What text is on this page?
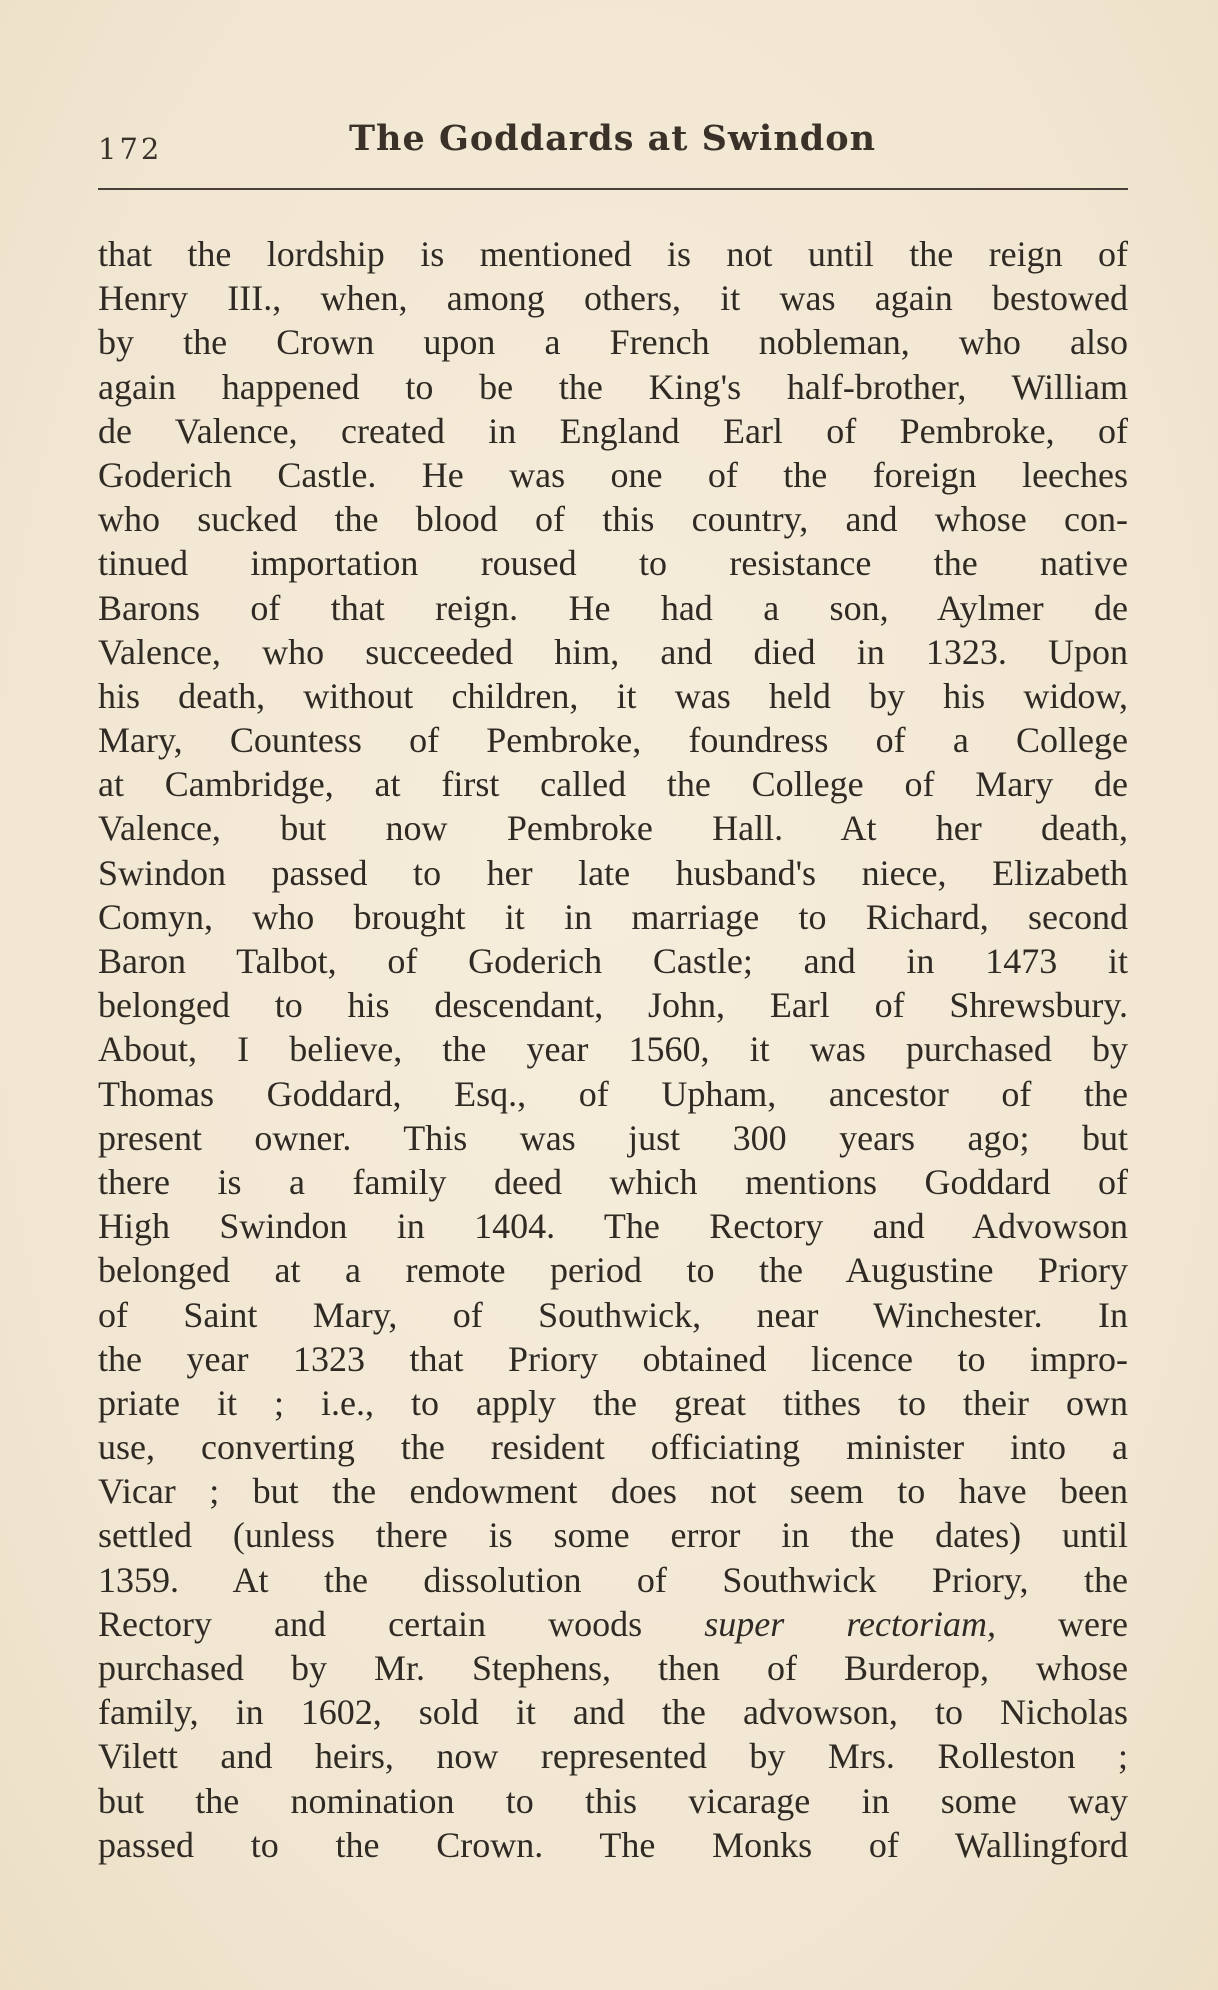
172	The Goddards at Swindon
that the lordship is mentioned is not until the reign of
Henry III., when, among others, it was again bestowed
by the Crown upon a French nobleman, who also
again happened to be the King's half-brother, William
de Valence, created in England Earl of Pembroke, of
Goderich Castle. He was one of the foreign leeches
who sucked the blood of this country, and whose con-
tinued importation roused to resistance the native
Barons of that reign. He had a son, Aylmer de
Valence, who succeeded him, and died in 1323. Upon
his death, without children, it was held by his widow,
Mary, Countess of Pembroke, foundress of a College
at Cambridge, at first called the College of Mary de
Valence, but now Pembroke Hall. At her death,
Swindon passed to her late husband's niece, Elizabeth
Comyn, who brought it in marriage to Richard, second
Baron Talbot, of Goderich Castle; and in 1473 it
belonged to his descendant, John, Earl of Shrewsbury.
About, I believe, the year 1560, it was purchased by
Thomas Goddard, Esq., of Upham, ancestor of the
present owner. This was just 300 years ago; but
there is a family deed which mentions Goddard of
High Swindon in 1404. The Rectory and Advowson
belonged at a remote period to the Augustine Priory
of Saint Mary, of Southwick, near Winchester. In
the year 1323 that Priory obtained licence to impro-
priate it ; i.e., to apply the great tithes to their own
use, converting the resident officiating minister into a
Vicar ; but the endowment does not seem to have been
settled (unless there is some error in the dates) until
1359. At the dissolution of Southwick Priory, the
Rectory and certain woods super rectoriam, were
purchased by Mr. Stephens, then of Burderop, whose
family, in 1602, sold it and the advowson, to Nicholas
Vilett and heirs, now represented by Mrs. Rolleston ;
but the nomination to this vicarage in some way
passed to the Crown. The Monks of Wallingford
